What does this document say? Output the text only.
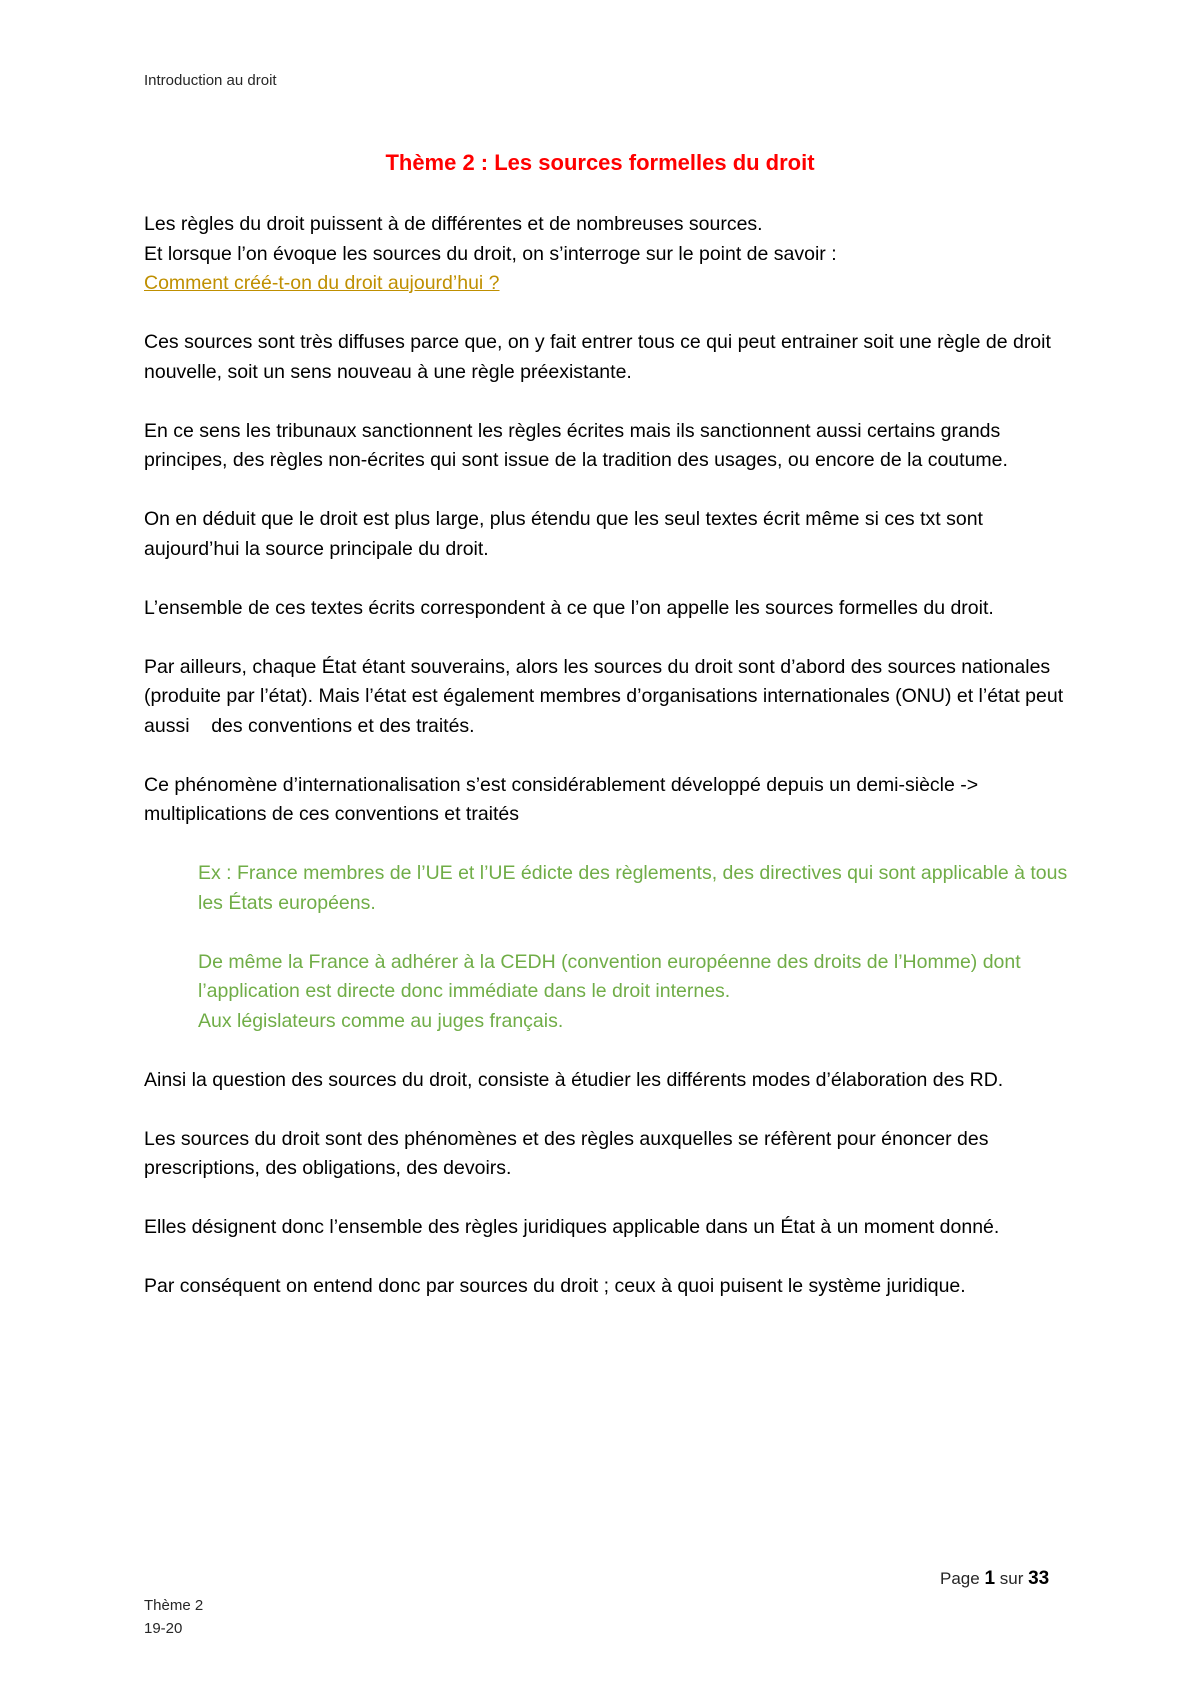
Introduction au droit
Thème 2 : Les sources formelles du droit

Les règles du droit puissent à de différentes et de nombreuses sources.

Et lorsque l’on évoque les sources du droit, on s’interroge sur le point de savoir :

Comment créé-t-on du droit aujourd’hui ?

Ces sources sont très diffuses parce que, on y fait entrer tous ce qui peut entrainer soit une règle de droit nouvelle, soit un sens nouveau à une règle préexistante.

En ce sens les tribunaux sanctionnent les règles écrites mais ils sanctionnent aussi certains grands principes, des règles non-écrites qui sont issue de la tradition des usages, ou encore de la coutume.

On en déduit que le droit est plus large, plus étendu que les seul textes écrit même si ces txt sont aujourd’hui la source principale du droit.

L’ensemble de ces textes écrits correspondent à ce que l’on appelle les sources formelles du droit.

Par ailleurs, chaque État étant souverains, alors les sources du droit sont d’abord des sources nationales (produite par l’état). Mais l’état est également membres d’organisations internationales (ONU) et l’état peut aussi    des conventions et des traités.

Ce phénomène d’internationalisation s’est considérablement développé depuis un demi-siècle -> multiplications de ces conventions et traités

Ex : France membres de l’UE et l’UE édicte des règlements, des directives qui sont applicable à tous les États européens.

De même la France à adhérer à la CEDH (convention européenne des droits de l’Homme) dont l’application est directe donc immédiate dans le droit internes.

Aux législateurs comme au juges français.

Ainsi la question des sources du droit, consiste à étudier les différents modes d’élaboration des RD.

Les sources du droit sont des phénomènes et des règles auxquelles se réfèrent pour énoncer des prescriptions, des obligations, des devoirs.

Elles désignent donc l’ensemble des règles juridiques applicable dans un État à un moment donné.

Par conséquent on entend donc par sources du droit ; ceux à quoi puisent le système juridique.

Page 1 sur 33
Thème 2
19-20
